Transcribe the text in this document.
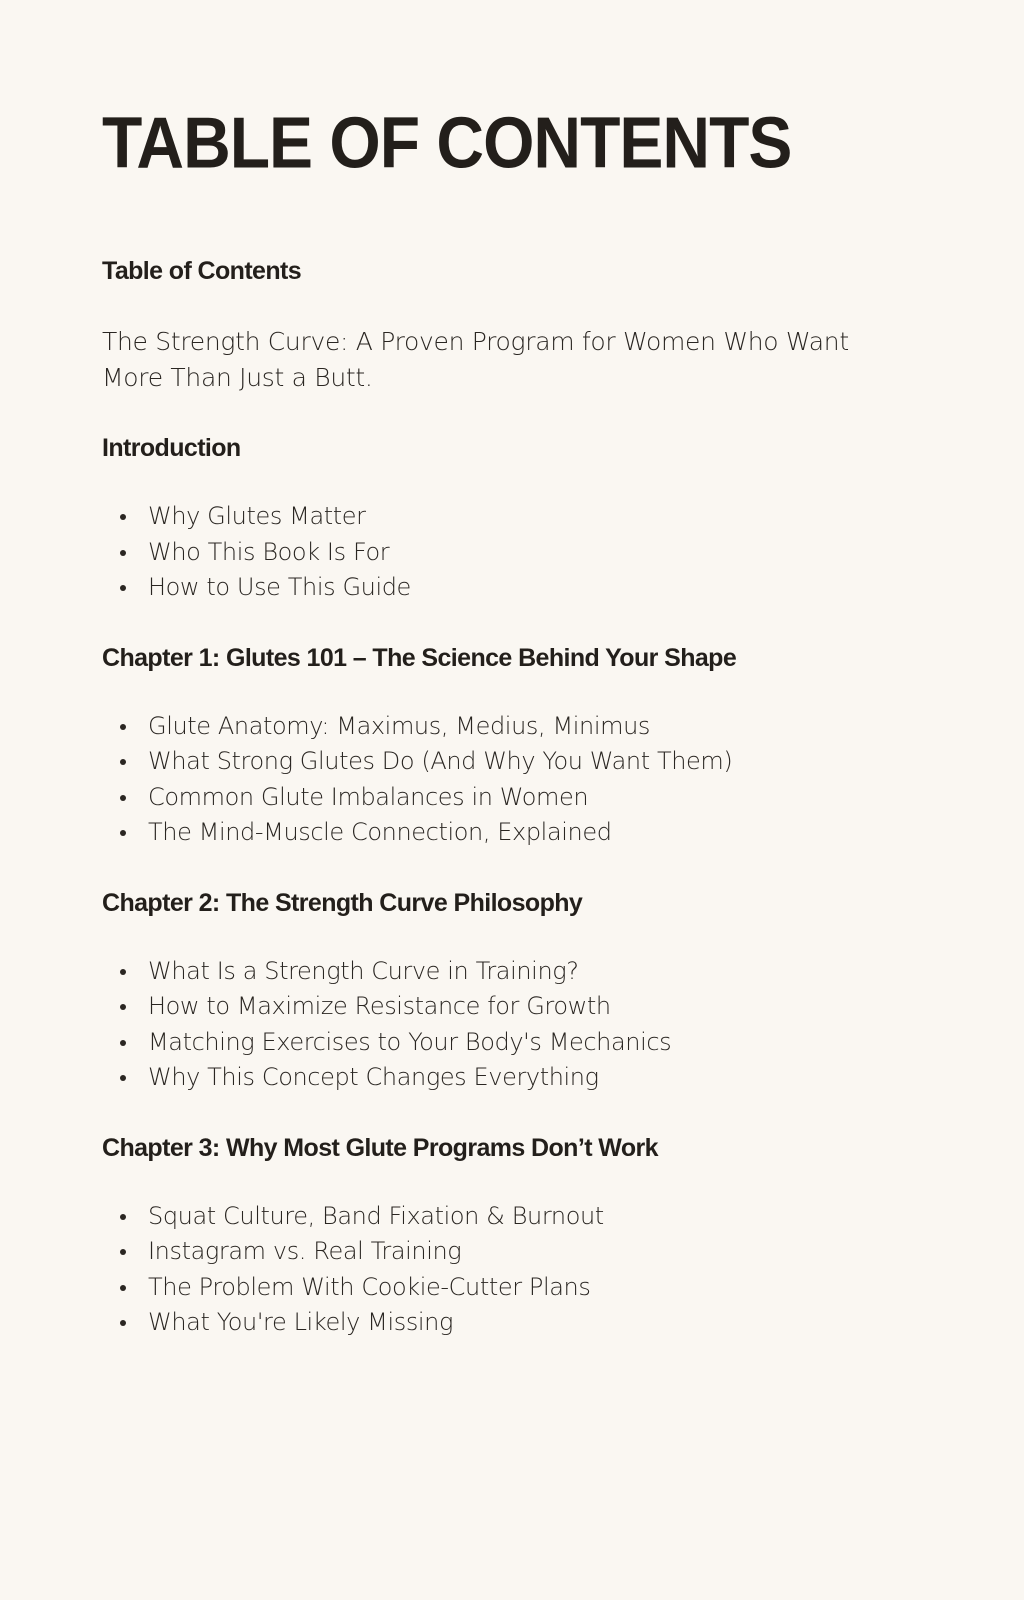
TABLE OF CONTENTS
Table of Contents

The Strength Curve: A Proven Program for Women Who Want More Than Just a Butt.

Introduction
Why Glutes Matter
Who This Book Is For
How to Use This Guide
Chapter 1: Glutes 101 – The Science Behind Your Shape
Glute Anatomy: Maximus, Medius, Minimus
What Strong Glutes Do (And Why You Want Them)
Common Glute Imbalances in Women
The Mind-Muscle Connection, Explained
Chapter 2: The Strength Curve Philosophy
What Is a Strength Curve in Training?
How to Maximize Resistance for Growth
Matching Exercises to Your Body's Mechanics
Why This Concept Changes Everything
Chapter 3: Why Most Glute Programs Don’t Work
Squat Culture, Band Fixation & Burnout
Instagram vs. Real Training
The Problem With Cookie-Cutter Plans
What You're Likely Missing
